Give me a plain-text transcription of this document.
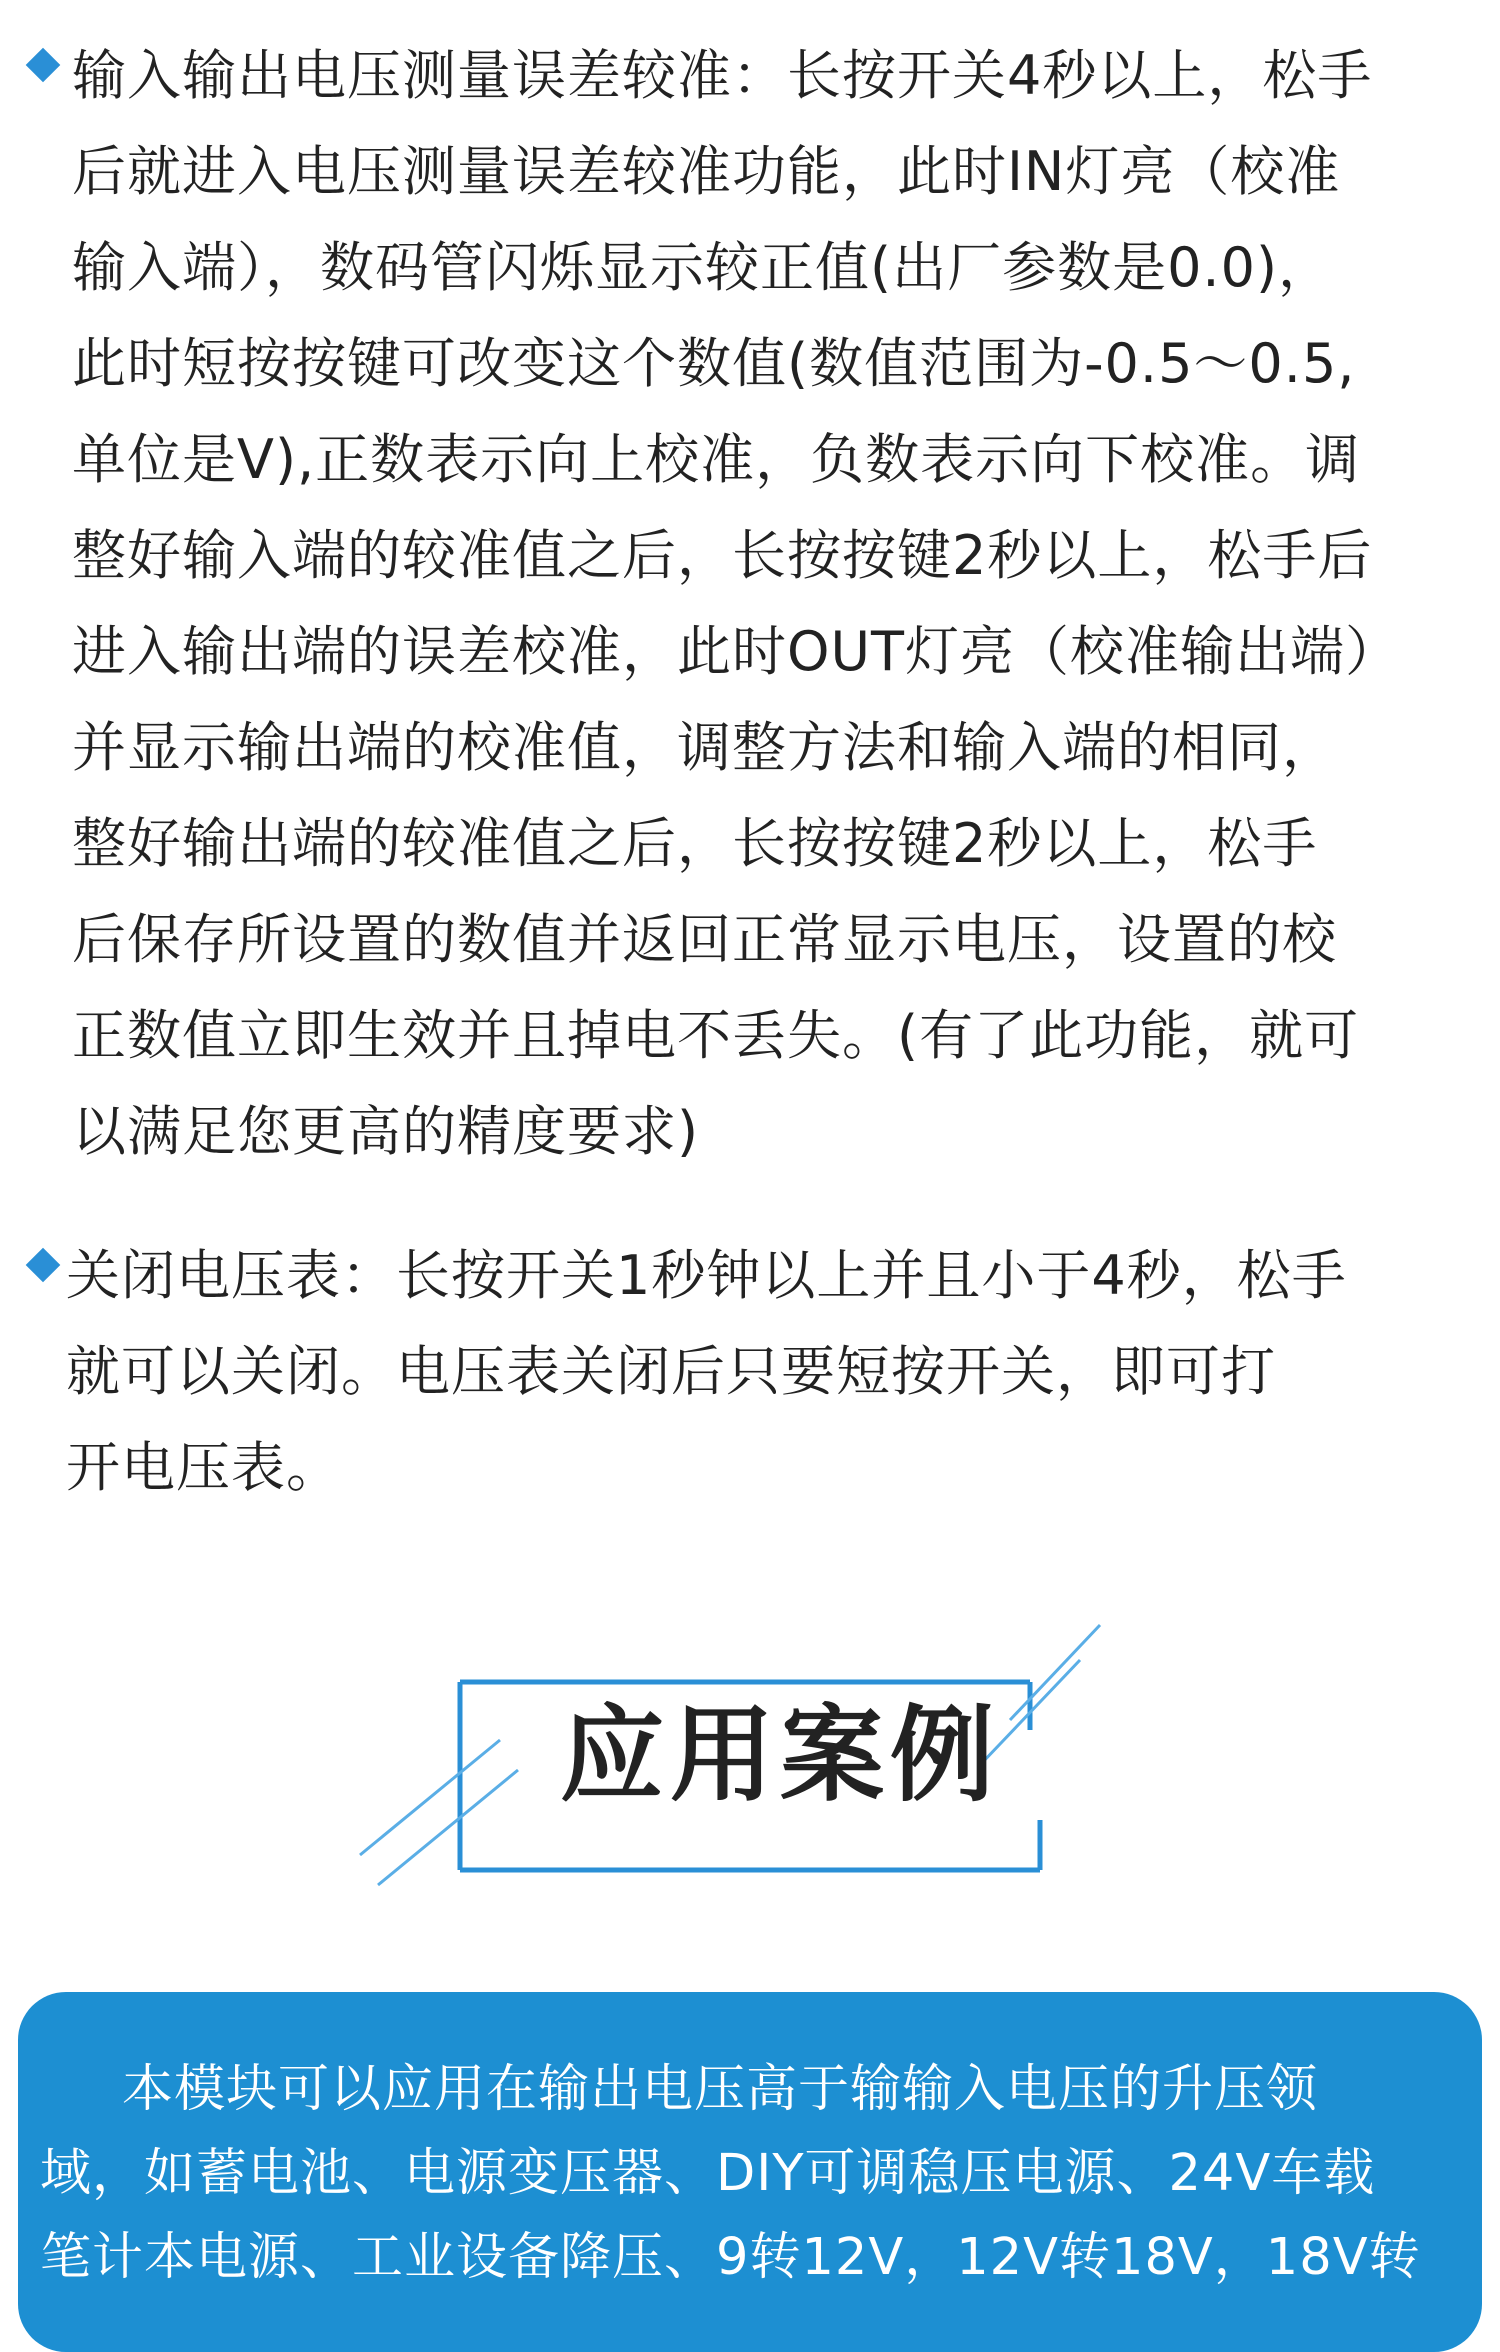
输入输出电压测量误差较准：长按开关4秒以上，松手
后就进入电压测量误差较准功能，此时IN灯亮（校准
输入端），数码管闪烁显示较正值(出厂参数是0.0)，
此时短按按键可改变这个数值(数值范围为-0.5～0.5,
单位是V),正数表示向上校准，负数表示向下校准。调
整好输入端的较准值之后，长按按键2秒以上，松手后
进入输出端的误差校准，此时OUT灯亮（校准输出端）
并显示输出端的校准值，调整方法和输入端的相同，
整好输出端的较准值之后，长按按键2秒以上，松手
后保存所设置的数值并返回正常显示电压，设置的校
正数值立即生效并且掉电不丢失。(有了此功能，就可
以满足您更高的精度要求)
关闭电压表：长按开关1秒钟以上并且小于4秒，松手
就可以关闭。电压表关闭后只要短按开关，即可打
开电压表。
应用案例
本模块可以应用在输出电压高于输输入电压的升压领
域，如蓄电池、电源变压器、DIY可调稳压电源、24V车载
笔计本电源、工业设备降压、9转12V，12V转18V，18V转
